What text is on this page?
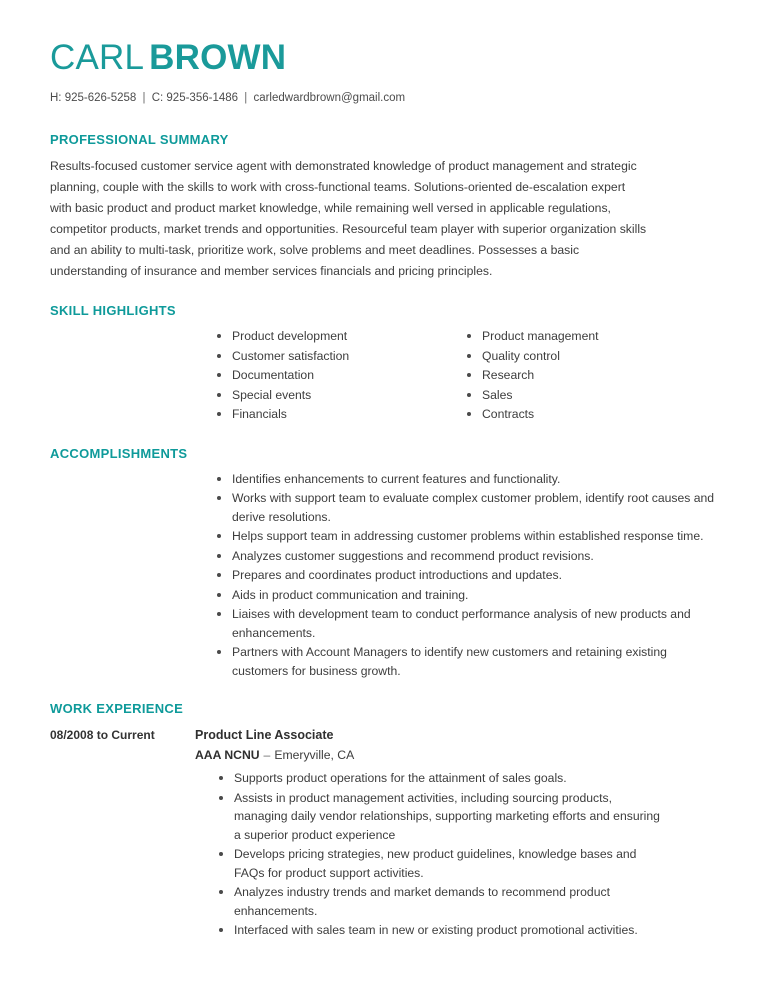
CARL BROWN
H: 925-626-5258 | C: 925-356-1486 | carledwardbrown@gmail.com
PROFESSIONAL SUMMARY
Results-focused customer service agent with demonstrated knowledge of product management and strategic planning, couple with the skills to work with cross-functional teams. Solutions-oriented de-escalation expert with basic product and product market knowledge, while remaining well versed in applicable regulations, competitor products, market trends and opportunities. Resourceful team player with superior organization skills and an ability to multi-task, prioritize work, solve problems and meet deadlines. Possesses a basic understanding of insurance and member services financials and pricing principles.
SKILL HIGHLIGHTS
Product development
Customer satisfaction
Documentation
Special events
Financials
Product management
Quality control
Research
Sales
Contracts
ACCOMPLISHMENTS
Identifies enhancements to current features and functionality.
Works with support team to evaluate complex customer problem, identify root causes and derive resolutions.
Helps support team in addressing customer problems within established response time.
Analyzes customer suggestions and recommend product revisions.
Prepares and coordinates product introductions and updates.
Aids in product communication and training.
Liaises with development team to conduct performance analysis of new products and enhancements.
Partners with Account Managers to identify new customers and retaining existing customers for business growth.
WORK EXPERIENCE
08/2008 to Current	Product Line Associate
AAA NCNU – Emeryville, CA
Supports product operations for the attainment of sales goals.
Assists in product management activities, including sourcing products, managing daily vendor relationships, supporting marketing efforts and ensuring a superior product experience
Develops pricing strategies, new product guidelines, knowledge bases and FAQs for product support activities.
Analyzes industry trends and market demands to recommend product enhancements.
Interfaced with sales team in new or existing product promotional activities.
